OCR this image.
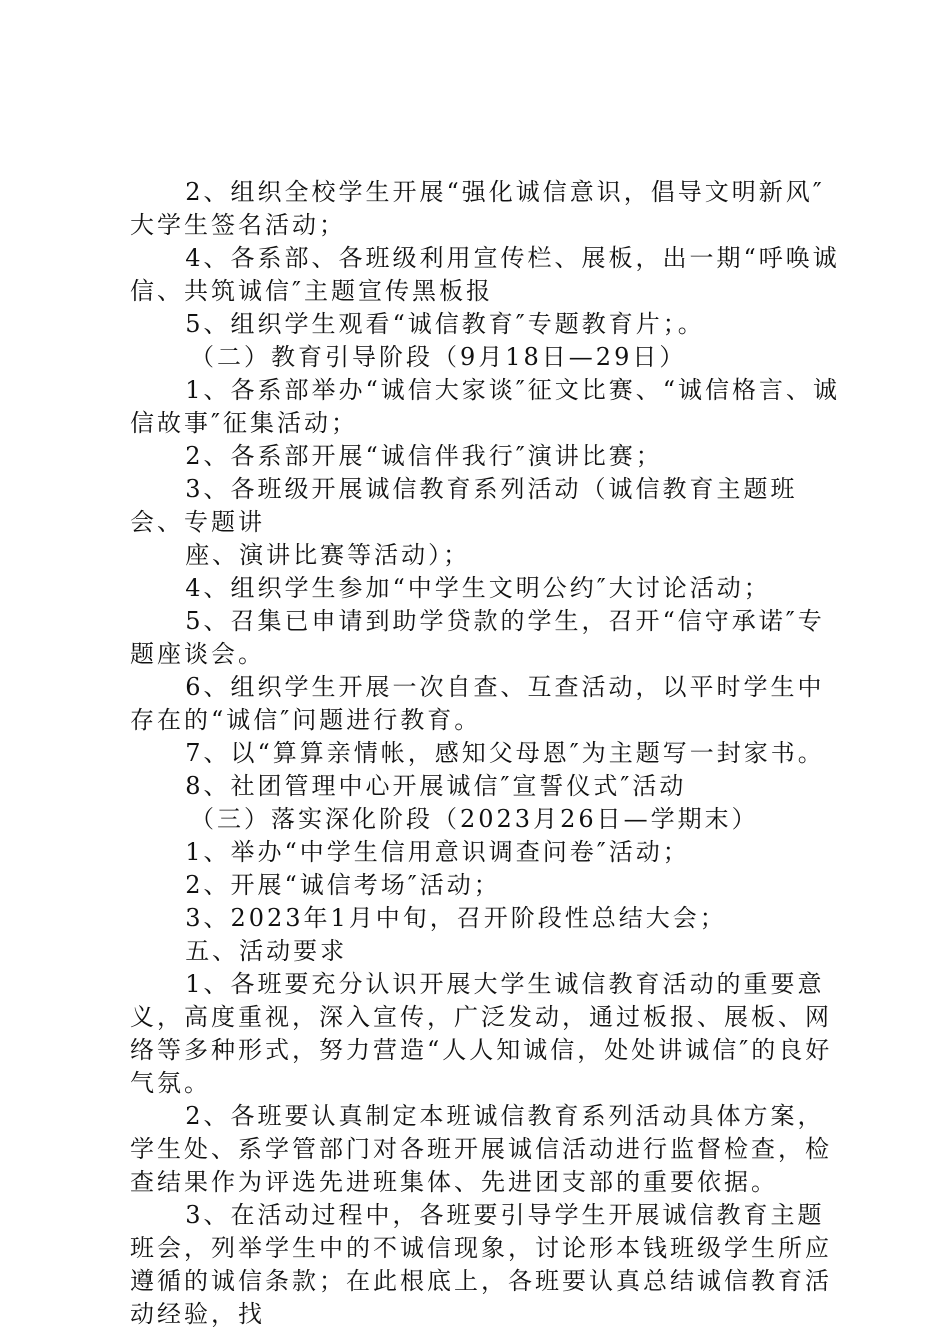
2、组织全校学生开展“强化诚信意识，倡导文明新风″大学生签名活动；

4、各系部、各班级利用宣传栏、展板，出一期“呼唤诚信、共筑诚信″主题宣传黑板报

5、组织学生观看“诚信教育″专题教育片；。

（二）教育引导阶段（9月18日—29日）

1、各系部举办“诚信大家谈″征文比赛、“诚信格言、诚信故事″征集活动；

2、各系部开展“诚信伴我行″演讲比赛；

3、各班级开展诚信教育系列活动（诚信教育主题班会、专题讲

座、演讲比赛等活动）；

4、组织学生参加“中学生文明公约″大讨论活动；

5、召集已申请到助学贷款的学生，召开“信守承诺″专题座谈会。

6、组织学生开展一次自查、互查活动，以平时学生中存在的“诚信″问题进行教育。

7、以“算算亲情帐，感知父母恩″为主题写一封家书。

8、社团管理中心开展诚信″宣誓仪式″活动

（三）落实深化阶段（2023月26日—学期末）

1、举办“中学生信用意识调查问卷″活动；

2、开展“诚信考场″活动；

3、2023年1月中旬，召开阶段性总结大会；

五、活动要求

1、各班要充分认识开展大学生诚信教育活动的重要意义，高度重视，深入宣传，广泛发动，通过板报、展板、网络等多种形式，努力营造“人人知诚信，处处讲诚信″的良好气氛。

2、各班要认真制定本班诚信教育系列活动具体方案，学生处、系学管部门对各班开展诚信活动进行监督检查，检查结果作为评选先进班集体、先进团支部的重要依据。

3、在活动过程中，各班要引导学生开展诚信教育主题班会，列举学生中的不诚信现象，讨论形本钱班级学生所应遵循的诚信条款；在此根底上，各班要认真总结诚信教育活动经验，找
